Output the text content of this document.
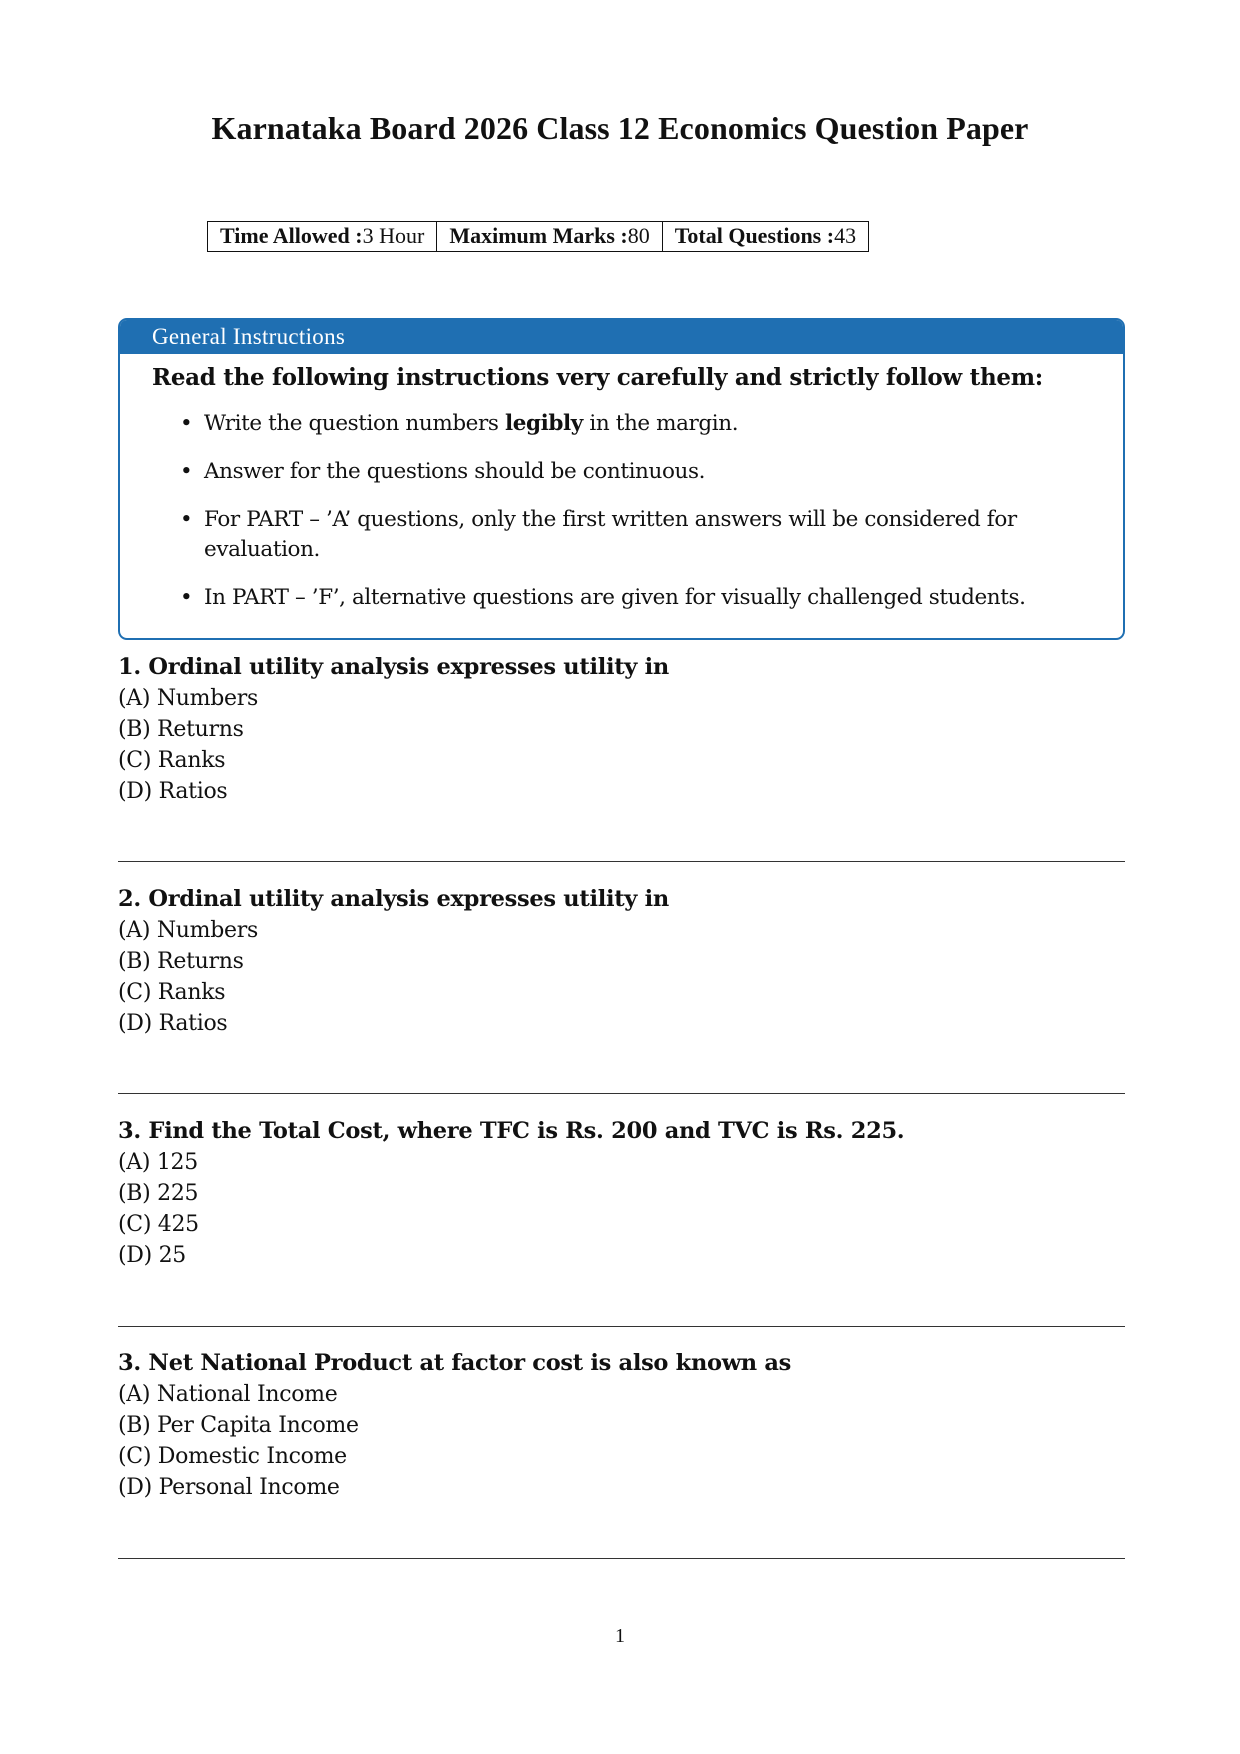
Karnataka Board 2026 Class 12 Economics Question Paper
Time Allowed :3 Hour	Maximum Marks :80	Total Questions :43
General Instructions

Read the following instructions very carefully and strictly follow them:

• Write the question numbers legibly in the margin.
• Answer for the questions should be continuous.
• For PART – ’A’ questions, only the first written answers will be considered for evaluation.
• In PART – ’F’, alternative questions are given for visually challenged students.

1. Ordinal utility analysis expresses utility in

(A) Numbers

(B) Returns

(C) Ranks

(D) Ratios

2. Ordinal utility analysis expresses utility in

(A) Numbers

(B) Returns

(C) Ranks

(D) Ratios

3. Find the Total Cost, where TFC is Rs. 200 and TVC is Rs. 225.

(A) 125

(B) 225

(C) 425

(D) 25

3. Net National Product at factor cost is also known as

(A) National Income

(B) Per Capita Income

(C) Domestic Income

(D) Personal Income

1
